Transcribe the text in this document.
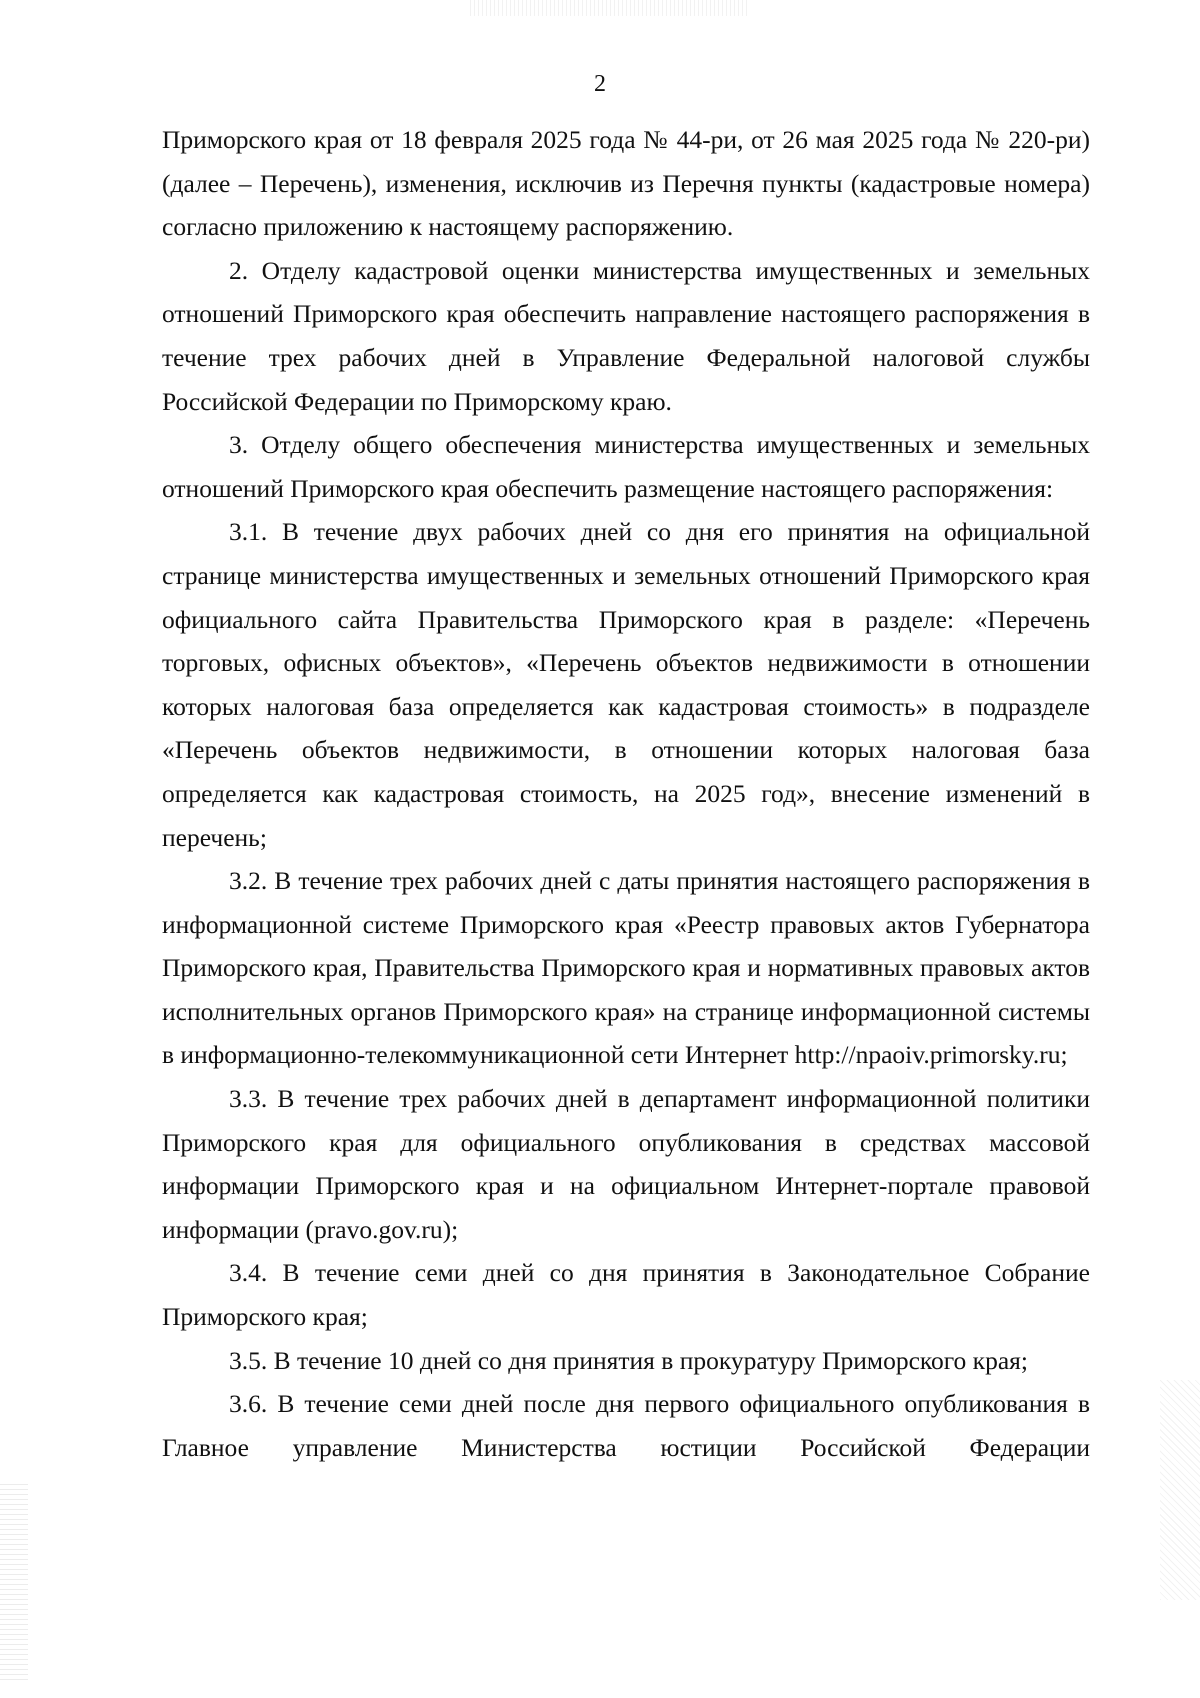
2

Приморского края от 18 февраля 2025 года № 44-ри, от 26 мая 2025 года № 220-ри) (далее – Перечень), изменения, исключив из Перечня пункты (кадастровые номера) согласно приложению к настоящему распоряжению.

2. Отделу кадастровой оценки министерства имущественных и земельных отношений Приморского края обеспечить направление настоящего распоряжения в течение трех рабочих дней в Управление Федеральной налоговой службы Российской Федерации по Приморскому краю.

3. Отделу общего обеспечения министерства имущественных и земельных отношений Приморского края обеспечить размещение настоящего распоряжения:

3.1. В течение двух рабочих дней со дня его принятия на официальной странице министерства имущественных и земельных отношений Приморского края официального сайта Правительства Приморского края в разделе: «Перечень торговых, офисных объектов», «Перечень объектов недвижимости в отношении которых налоговая база определяется как кадастровая стоимость» в подразделе «Перечень объектов недвижимости, в отношении которых налоговая база определяется как кадастровая стоимость, на 2025 год», внесение изменений в перечень;

3.2. В течение трех рабочих дней с даты принятия настоящего распоряжения в информационной системе Приморского края «Реестр правовых актов Губернатора Приморского края, Правительства Приморского края и нормативных правовых актов исполнительных органов Приморского края» на странице информационной системы в информационно-телекоммуникационной сети Интернет http://npaoiv.primorsky.ru;

3.3. В течение трех рабочих дней в департамент информационной политики Приморского края для официального опубликования в средствах массовой информации Приморского края и на официальном Интернет-портале правовой информации (pravo.gov.ru);

3.4. В течение семи дней со дня принятия в Законодательное Собрание Приморского края;

3.5. В течение 10 дней со дня принятия в прокуратуру Приморского края;

3.6. В течение семи дней после дня первого официального опубликования в Главное управление Министерства юстиции Российской Федерации
